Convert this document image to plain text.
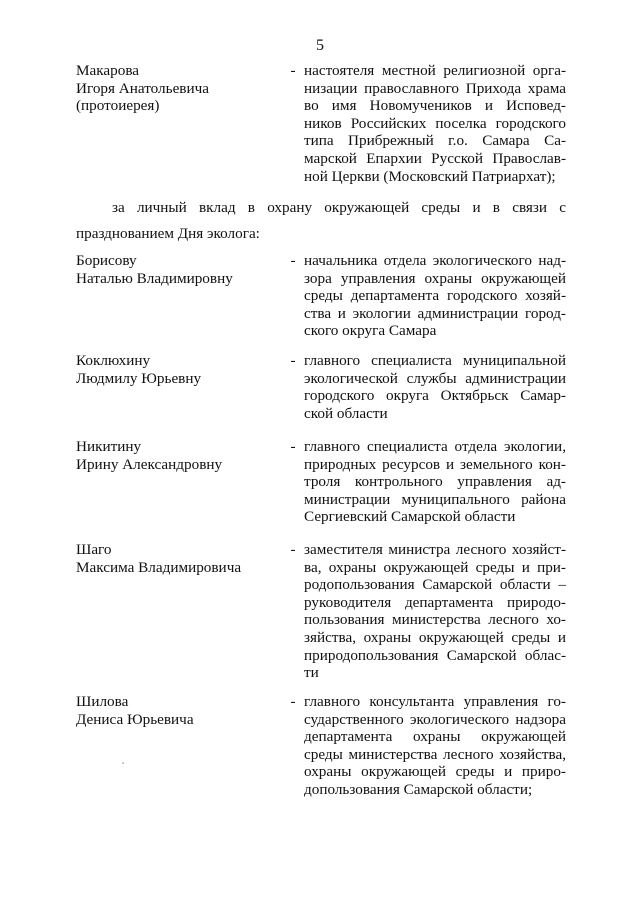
5
Макарова
Игоря Анатольевича
(протоиерея)
- настоятеля местной религиозной орга-
низации православного Прихода храма
во имя Новомучеников и Исповед-
ников Российских поселка городского
типа Прибрежный г.о. Самара Са-
марской Епархии Русской Православ-
ной Церкви (Московский Патриархат);
за личный вклад в охрану окружающей среды и в связи с
празднованием Дня эколога:
Борисову
Наталью Владимировну
- начальника отдела экологического над-
зора управления охраны окружающей
среды департамента городского хозяй-
ства и экологии администрации город-
ского округа Самара
Коклюхину
Людмилу Юрьевну
- главного специалиста муниципальной
экологической службы администрации
городского округа Октябрьск Самар-
ской области
Никитину
Ирину Александровну
- главного специалиста отдела экологии,
природных ресурсов и земельного кон-
троля контрольного управления ад-
министрации муниципального района
Сергиевский Самарской области
Шаго
Максима Владимировича
- заместителя министра лесного хозяйст-
ва, охраны окружающей среды и при-
родопользования Самарской области –
руководителя департамента природо-
пользования министерства лесного хо-
зяйства, охраны окружающей среды и
природопользования Самарской облас-
ти
Шилова
Дениса Юрьевича
- главного консультанта управления го-
сударственного экологического надзора
департамента охраны окружающей
среды министерства лесного хозяйства,
охраны окружающей среды и приро-
допользования Самарской области;
